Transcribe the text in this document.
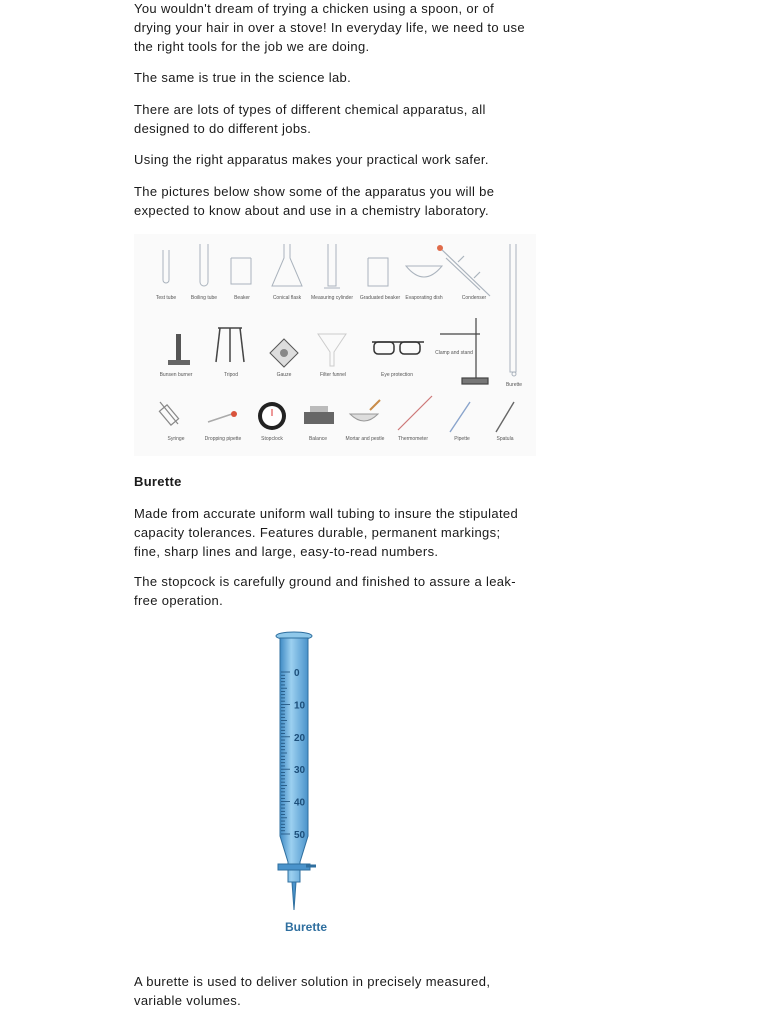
You wouldn't dream of trying a chicken using a spoon, or of drying your hair in over a stove! In everyday life, we need to use the right tools for the job we are doing.

The same is true in the science lab.

There are lots of types of different chemical apparatus, all designed to do different jobs.

Using the right apparatus makes your practical work safer.

The pictures below show some of the apparatus you will be expected to know about and use in a chemistry laboratory.

Test tube	Boiling tube	Beaker	Conical flask Measuring cylinder Graduated beaker Evaporating dish	Condenser
Bunsen burner	Tripod	Gauze	Filter funnel	Eye protection
Clamp and stand
Burette
Syringe	Dropping pipette	Stopclock	Balance	Mortar and pestle	Thermometer	Pipette	Spatula

Burette

Made from accurate uniform wall tubing to insure the stipulated capacity tolerances. Features durable, permanent markings; fine, sharp lines and large, easy-to-read numbers.

The stopcock is carefully ground and finished to assure a leak-free operation.

0
10
20
30
40
50
Burette

A burette is used to deliver solution in precisely measured, variable volumes.
